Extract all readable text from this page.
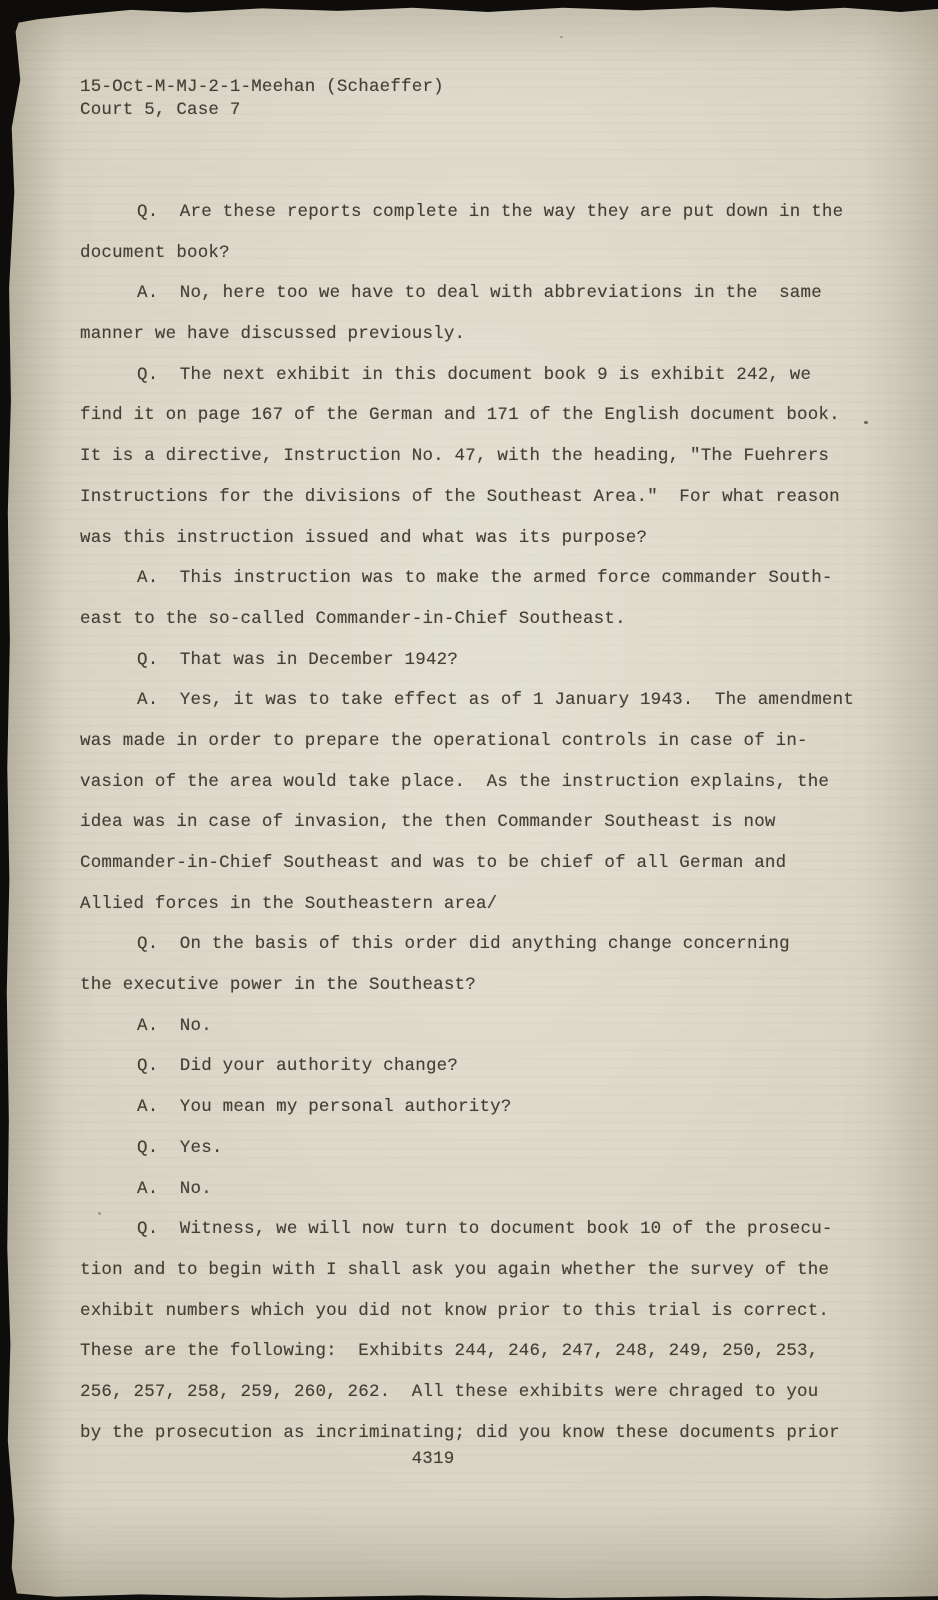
15-Oct-M-MJ-2-1-Meehan (Schaeffer)
Court 5, Case 7
Q.  Are these reports complete in the way they are put down in the
document book?
A.  No, here too we have to deal with abbreviations in the  same
manner we have discussed previously.
Q.  The next exhibit in this document book 9 is exhibit 242, we
find it on page 167 of the German and 171 of the English document book.
It is a directive, Instruction No. 47, with the heading, "The Fuehrers
Instructions for the divisions of the Southeast Area."  For what reason
was this instruction issued and what was its purpose?
A.  This instruction was to make the armed force commander South-
east to the so-called Commander-in-Chief Southeast.
Q.  That was in December 1942?
A.  Yes, it was to take effect as of 1 January 1943.  The amendment
was made in order to prepare the operational controls in case of in-
vasion of the area would take place.  As the instruction explains, the
idea was in case of invasion, the then Commander Southeast is now
Commander-in-Chief Southeast and was to be chief of all German and
Allied forces in the Southeastern area/
Q.  On the basis of this order did anything change concerning
the executive power in the Southeast?
A.  No.
Q.  Did your authority change?
A.  You mean my personal authority?
Q.  Yes.
A.  No.
Q.  Witness, we will now turn to document book 10 of the prosecu-
tion and to begin with I shall ask you again whether the survey of the
exhibit numbers which you did not know prior to this trial is correct.
These are the following:  Exhibits 244, 246, 247, 248, 249, 250, 253,
256, 257, 258, 259, 260, 262.  All these exhibits were chraged to you
by the prosecution as incriminating; did you know these documents prior
4319
